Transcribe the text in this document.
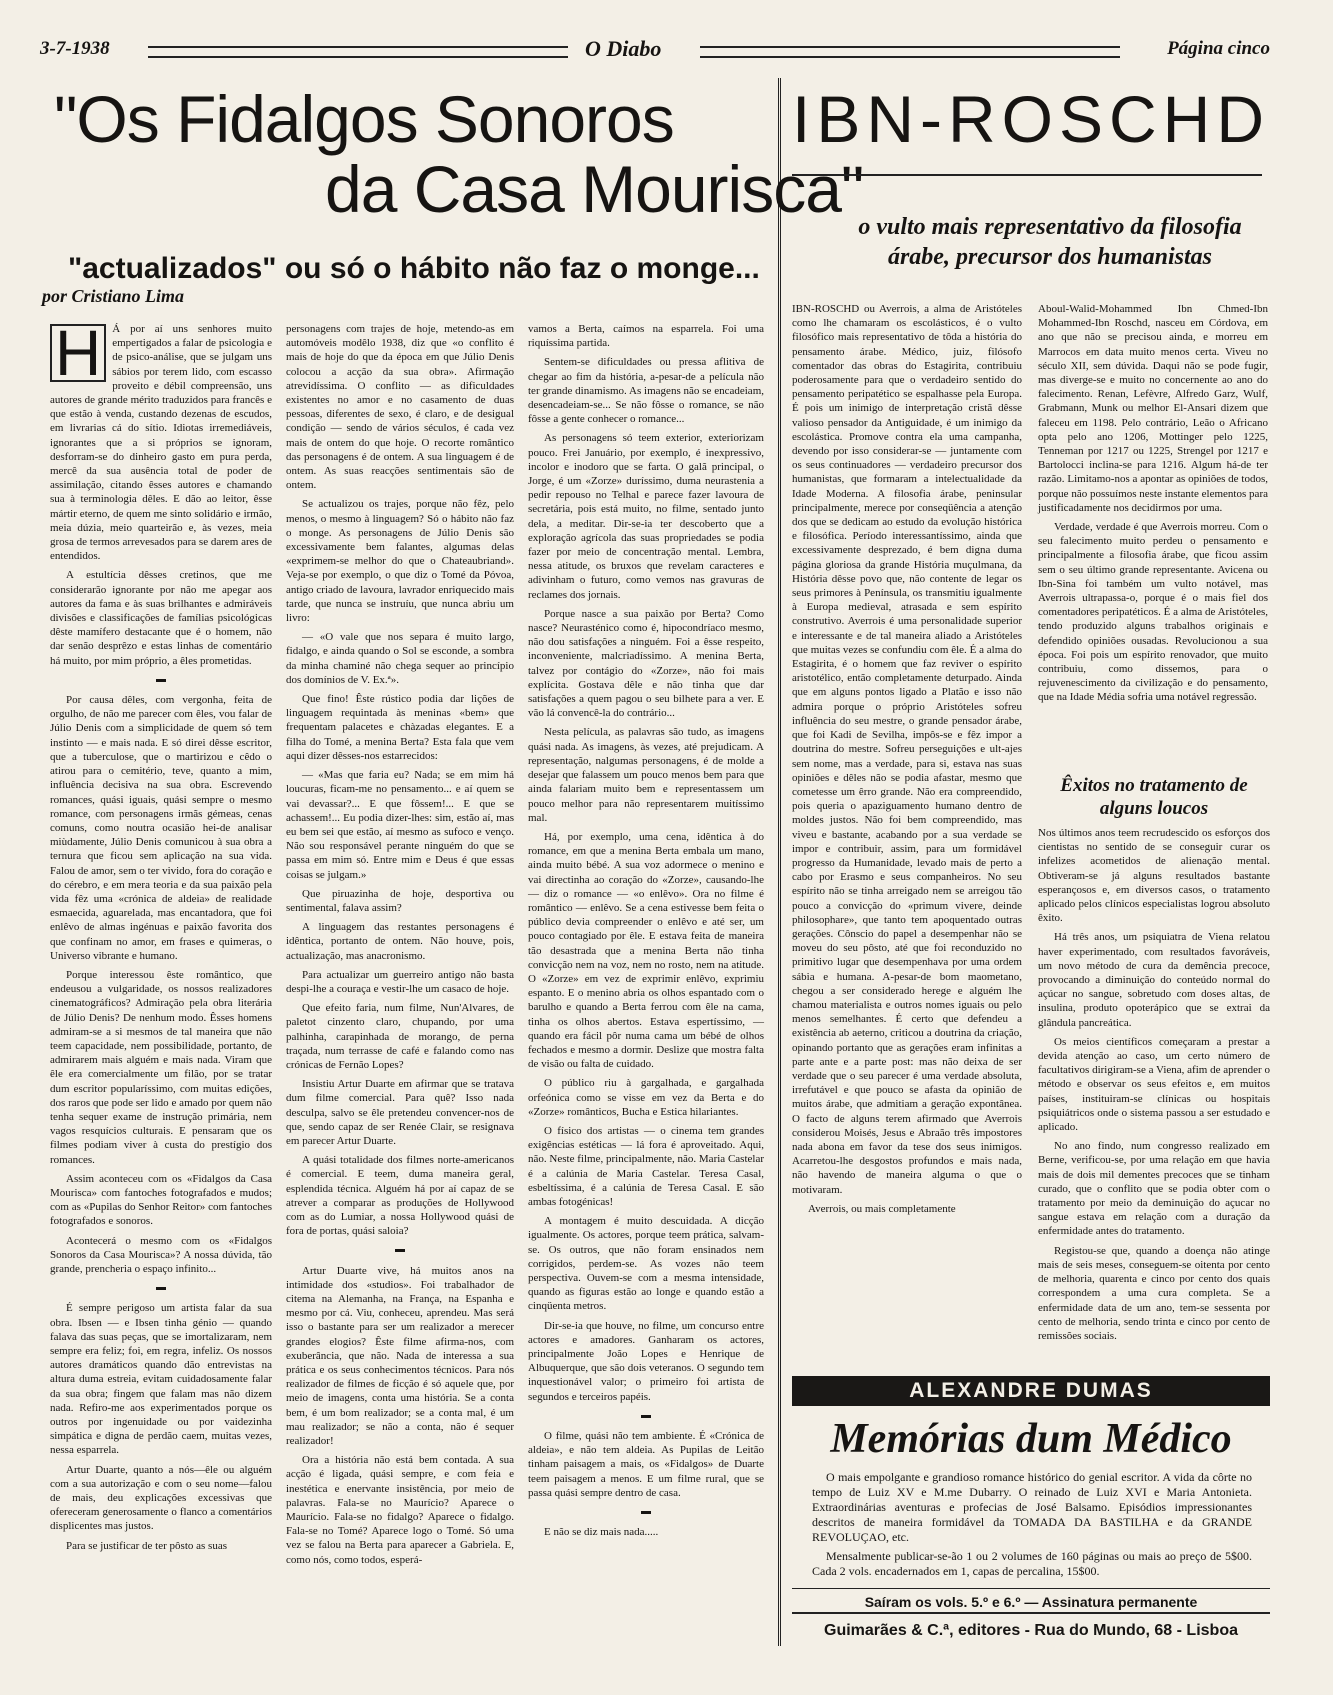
3-7-1938	O Diabo	Página cinco
"Os Fidalgos Sonoros
da Casa Mourisca"
"actualizados" ou só o hábito não faz o monge...
por Cristiano Lima
H	Á por aí uns senhores muito empertigados a falar de psicologia e de psico-análise, que se julgam uns sábios por terem lido, com escasso proveito e débil compreensão, uns autores de grande mérito traduzidos para francês e que estão à venda, custando dezenas de escudos, em livrarias cá do sítio. Idiotas irremediáveis, ignorantes que a si próprios se ignoram, desforram-se do dinheiro gasto em pura perda, mercê da sua ausência total de poder de assimilação, citando êsses autores e chamando sua à terminologia dêles. E dão ao leitor, êsse mártir eterno, de quem me sinto solidário e irmão, meia dúzia, meio quarteirão e, às vezes, meia grosa de termos arrevesados para se darem ares de entendidos.

A estultícia dêsses cretinos, que me considerarão ignorante por não me apegar aos autores da fama e às suas brilhantes e admiráveis divisões e classificações de famílias psicológicas dêste mamífero destacante que é o homem, não dar senão desprêzo e estas linhas de comentário há muito, por mim próprio, a êles prometidas.

▬

Por causa dêles, com vergonha, feita de orgulho, de não me parecer com êles, vou falar de Júlio Denis com a simplicidade de quem só tem instinto — e mais nada. E só direi dêsse escritor, que a tuberculose, que o martirizou e cêdo o atirou para o cemitério, teve, quanto a mim, influência decisiva na sua obra. Escrevendo romances, quási iguais, quási sempre o mesmo romance, com personagens irmãs gémeas, cenas comuns, como noutra ocasião hei-de analisar miùdamente, Júlio Denis comunicou à sua obra a ternura que ficou sem aplicação na sua vida. Falou de amor, sem o ter vivido, fora do coração e do cérebro, e em mera teoria e da sua paixão pela vida fêz uma «crónica de aldeia» de realidade esmaecida, aguarelada, mas encantadora, que foi enlêvo de almas ingénuas e paixão favorita dos que confinam no amor, em frases e quimeras, o Universo vibrante e humano.

Porque interessou êste romântico, que endeusou a vulgaridade, os nossos realizadores cinematográficos? Admiração pela obra literária de Júlio Denis? De nenhum modo. Êsses homens admiram-se a si mesmos de tal maneira que não teem capacidade, nem possibilidade, portanto, de admirarem mais alguém e mais nada. Viram que êle era comercialmente um filão, por se tratar dum escritor popularíssimo, com muitas edições, dos raros que pode ser lido e amado por quem não tenha sequer exame de instrução primária, nem vagos resquícios culturais. E pensaram que os filmes podiam viver à custa do prestígio dos romances.

Assim aconteceu com os «Fidalgos da Casa Mourisca» com fantoches fotografados e mudos; com as «Pupilas do Senhor Reitor» com fantoches fotografados e sonoros.

Acontecerá o mesmo com os «Fidalgos Sonoros da Casa Mourisca»? A nossa dúvida, tão grande, prencheria o espaço infinito...

▬

É sempre perigoso um artista falar da sua obra. Ibsen — e Ibsen tinha génio — quando falava das suas peças, que se imortalizaram, nem sempre era feliz; foi, em regra, infeliz. Os nossos autores dramáticos quando dão entrevistas na altura duma estreia, evitam cuidadosamente falar da sua obra; fingem que falam mas não dizem nada. Refiro-me aos experimentados porque os outros por ingenuidade ou por vaidezinha simpática e digna de perdão caem, muitas vezes, nessa esparrela.

Artur Duarte, quanto a nós—êle ou alguém com a sua autorização e com o seu nome—falou de mais, deu explicações excessivas que ofereceram generosamente o flanco a comentários displicentes mas justos.

Para se justificar de ter pôsto as suas

personagens com trajes de hoje, metendo-as em automóveis modêlo 1938, diz que «o conflito é mais de hoje do que da época em que Júlio Denis colocou a acção da sua obra». Afirmação atrevidíssima. O conflito — as dificuldades existentes no amor e no casamento de duas pessoas, diferentes de sexo, é claro, e de desigual condição — sendo de vários séculos, é cada vez mais de ontem do que hoje. O recorte romântico das personagens é de ontem. A sua linguagem é de ontem. As suas reacções sentimentais são de ontem.

Se actualizou os trajes, porque não fêz, pelo menos, o mesmo à linguagem? Só o hábito não faz o monge. As personagens de Júlio Denis são excessivamente bem falantes, algumas delas «exprimem-se melhor do que o Chateaubriand». Veja-se por exemplo, o que diz o Tomé da Póvoa, antigo criado de lavoura, lavrador enriquecido mais tarde, que nunca se instruíu, que nunca abriu um livro:

— «O vale que nos separa é muito largo, fidalgo, e ainda quando o Sol se esconde, a sombra da minha chaminé não chega sequer ao princípio dos domínios de V. Ex.ª».

Que fino! Êste rústico podia dar lições de linguagem requintada às meninas «bem» que frequentam palacetes e chàzadas elegantes. E a filha do Tomé, a menina Berta? Esta fala que vem aqui dizer dêsses-nos estarrecidos:

— «Mas que faria eu? Nada; se em mim há loucuras, ficam-me no pensamento... e aí quem se vai devassar?... E que fôssem!... E que se achassem!... Eu podia dizer-lhes: sim, estão aí, mas eu bem sei que estão, aí mesmo as sufoco e venço. Não sou responsável perante ninguém do que se passa em mim só. Entre mim e Deus é que essas coisas se julgam.»

Que piruazinha de hoje, desportiva ou sentimental, falava assim?

A linguagem das restantes personagens é idêntica, portanto de ontem. Não houve, pois, actualização, mas anacronismo.

Para actualizar um guerreiro antigo não basta despi-lhe a couraça e vestir-lhe um casaco de hoje.

Que efeito faria, num filme, Nun'Alvares, de paletot cinzento claro, chupando, por uma palhinha, carapinhada de morango, de perna traçada, num terrasse de café e falando como nas crónicas de Fernão Lopes?

Insistiu Artur Duarte em afirmar que se tratava dum filme comercial. Para quê? Isso nada desculpa, salvo se êle pretendeu convencer-nos de que, sendo capaz de ser Renée Clair, se resignava em parecer Artur Duarte.

A quási totalidade dos filmes norte-americanos é comercial. E teem, duma maneira geral, esplendida técnica. Alguém há por aí capaz de se atrever a comparar as produções de Hollywood com as do Lumiar, a nossa Hollywood quási de fora de portas, quási saloia?

▬

Artur Duarte vive, há muitos anos na intimidade dos «studios». Foi trabalhador de citema na Alemanha, na França, na Espanha e mesmo por cá. Viu, conheceu, aprendeu. Mas será isso o bastante para ser um realizador a merecer grandes elogios? Êste filme afirma-nos, com exuberância, que não. Nada de interessa a sua prática e os seus conhecimentos técnicos. Para nós realizador de filmes de ficção é só aquele que, por meio de imagens, conta uma história. Se a conta bem, é um bom realizador; se a conta mal, é um mau realizador; se não a conta, não é sequer realizador!

Ora a história não está bem contada. A sua acção é ligada, quási sempre, e com feia e inestética e enervante insistência, por meio de palavras. Fala-se no Maurício? Aparece o Maurício. Fala-se no fidalgo? Aparece o fidalgo. Fala-se no Tomé? Aparece logo o Tomé. Só uma vez se falou na Berta para aparecer a Gabriela. E, como nós, como todos, esperá-

vamos a Berta, caímos na esparrela. Foi uma riquíssima partida.

Sentem-se dificuldades ou pressa aflitiva de chegar ao fim da história, a-pesar-de a película não ter grande dinamismo. As imagens não se encadeiam, desencadeiam-se... Se não fôsse o romance, se não fôsse a gente conhecer o romance...

As personagens só teem exterior, exteriorizam pouco. Frei Januário, por exemplo, é inexpressivo, incolor e inodoro que se farta. O galã principal, o Jorge, é um «Zorze» duríssimo, duma neurastenia a pedir repouso no Telhal e parece fazer lavoura de secretária, pois está muito, no filme, sentado junto dela, a meditar. Dir-se-ia ter descoberto que a exploração agrícola das suas propriedades se podia fazer por meio de concentração mental. Lembra, nessa atitude, os bruxos que revelam caracteres e adivinham o futuro, como vemos nas gravuras de reclames dos jornais.

Porque nasce a sua paixão por Berta? Como nasce? Neurasténico como é, hipocondríaco mesmo, não dou satisfações a ninguém. Foi a êsse respeito, inconveniente, malcriadíssimo. A menina Berta, talvez por contágio do «Zorze», não foi mais explícita. Gostava dêle e não tinha que dar satisfações a quem pagou o seu bilhete para a ver. E vão lá convencê-la do contrário...

Nesta película, as palavras são tudo, as imagens quási nada. As imagens, às vezes, até prejudicam. A representação, nalgumas personagens, é de molde a desejar que falassem um pouco menos bem para que ainda falariam muito bem e representassem um pouco melhor para não representarem muitíssimo mal.

Há, por exemplo, uma cena, idêntica à do romance, em que a menina Berta embala um mano, ainda muito bébé. A sua voz adormece o menino e vai directinha ao coração do «Zorze», causando-lhe — diz o romance — «o enlêvo». Ora no filme é romântico — enlêvo. Se a cena estivesse bem feita o público devia compreender o enlêvo e até ser, um pouco contagiado por êle. E estava feita de maneira tão desastrada que a menina Berta não tinha convicção nem na voz, nem no rosto, nem na atitude. O «Zorze» em vez de exprimir enlêvo, exprimiu espanto. E o menino abria os olhos espantado com o barulho e quando a Berta ferrou com êle na cama, tinha os olhos abertos. Estava espertíssimo, — quando era fácil pôr numa cama um bébé de olhos fechados e mesmo a dormir. Deslize que mostra falta de visão ou falta de cuidado.

O público riu à gargalhada, e gargalhada orfeónica como se visse em vez da Berta e do «Zorze» românticos, Bucha e Estica hilariantes.

O físico dos artistas — o cinema tem grandes exigências estéticas — lá fora é aproveitado. Aqui, não. Neste filme, principalmente, não. Maria Castelar é a calúnia de Maria Castelar. Teresa Casal, esbeltíssima, é a calúnia de Teresa Casal. E são ambas fotogénicas!

A montagem é muito descuidada. A dicção igualmente. Os actores, porque teem prática, salvam-se. Os outros, que não foram ensinados nem corrigidos, perdem-se. As vozes não teem perspectiva. Ouvem-se com a mesma intensidade, quando as figuras estão ao longe e quando estão a cinqüenta metros.

Dir-se-ia que houve, no filme, um concurso entre actores e amadores. Ganharam os actores, principalmente João Lopes e Henrique de Albuquerque, que são dois veteranos. O segundo tem inquestionável valor; o primeiro foi artista de segundos e terceiros papéis.

▬

O filme, quási não tem ambiente. É «Crónica de aldeia», e não tem aldeia. As Pupilas de Leitão tinham paisagem a mais, os «Fidalgos» de Duarte teem paisagem a menos. E um filme rural, que se passa quási sempre dentro de casa.

▬

E não se diz mais nada.....

IBN-ROSCHD
o vulto mais representativo da filosofia árabe, precursor dos humanistas

IBN-ROSCHD ou Averrois, a alma de Aristóteles como lhe chamaram os escolásticos, é o vulto filosófico mais representativo de tôda a história do pensamento árabe. Médico, juiz, filósofo comentador das obras do Estagirita, contribuiu poderosamente para que o verdadeiro sentido do pensamento peripatético se espalhasse pela Europa. É pois um inimigo de interpretação cristã dêsse valioso pensador da Antiguidade, é um inimigo da escolástica. Promove contra ela uma campanha, devendo por isso considerar-se — juntamente com os seus continuadores — verdadeiro precursor dos humanistas, que formaram a intelectualidade da Idade Moderna. A filosofia árabe, peninsular principalmente, merece por conseqüência a atenção dos que se dedicam ao estudo da evolução histórica e filosófica. Período interessantíssimo, ainda que excessivamente desprezado, é bem digna duma página gloriosa da grande História muçulmana, da História dêsse povo que, não contente de legar os seus primores à Península, os transmitiu igualmente à Europa medieval, atrasada e sem espírito construtivo. Averrois é uma personalidade superior e interessante e de tal maneira aliado a Aristóteles que muitas vezes se confundiu com êle. É a alma do Estagirita, é o homem que faz reviver o espírito aristotélico, então completamente deturpado. Ainda que em alguns pontos ligado a Platão e isso não admira porque o próprio Aristóteles sofreu influência do seu mestre, o grande pensador árabe, que foi Kadi de Sevilha, impôs-se e fêz impor a doutrina do mestre. Sofreu perseguições e ult-ajes sem nome, mas a verdade, para si, estava nas suas opiniões e dêles não se podia afastar, mesmo que cometesse um êrro grande. Não era compreendido, pois queria o apaziguamento humano dentro de moldes justos. Não foi bem compreendido, mas viveu e bastante, acabando por a sua verdade se impor e contribuir, assim, para um formidável progresso da Humanidade, levado mais de perto a cabo por Erasmo e seus companheiros. No seu espírito não se tinha arreigado nem se arreigou tão pouco a convicção do «primum vivere, deinde philosophare», que tanto tem apoquentado outras gerações. Cônscio do papel a desempenhar não se moveu do seu pôsto, até que foi reconduzido no primitivo lugar que desempenhava por uma ordem sábia e humana. A-pesar-de bom maometano, chegou a ser considerado herege e alguém lhe chamou materialista e outros nomes iguais ou pelo menos semelhantes. É certo que defendeu a existência ab aeterno, criticou a doutrina da criação, opinando portanto que as gerações eram infinitas a parte ante e a parte post: mas não deixa de ser verdade que o seu parecer é uma verdade absoluta, irrefutável e que pouco se afasta da opinião de muitos árabe, que admitiam a geração expontânea. O facto de alguns terem afirmado que Averrois considerou Moisés, Jesus e Abraão três impostores nada abona em favor da tese dos seus inimigos. Acarretou-lhe desgostos profundos e mais nada, não havendo de maneira alguma o que o motivaram.

Averrois, ou mais completamente

Aboul-Walid-Mohammed Ibn Chmed-Ibn Mohammed-Ibn Roschd, nasceu em Córdova, em ano que não se precisou ainda, e morreu em Marrocos em data muito menos certa. Viveu no século XII, sem dúvida. Daqui não se pode fugir, mas diverge-se e muito no concernente ao ano do falecimento. Renan, Lefèvre, Alfredo Garz, Wulf, Grabmann, Munk ou melhor El-Ansari dizem que faleceu em 1198. Pelo contrário, Leão o Africano opta pelo ano 1206, Mottinger pelo 1225, Tenneman por 1217 ou 1225, Strengel por 1217 e Bartolocci inclina-se para 1216. Algum há-de ter razão. Limitamo-nos a apontar as opiniões de todos, porque não possuímos neste instante elementos para justificadamente nos decidirmos por uma.

Verdade, verdade é que Averrois morreu. Com o seu falecimento muito perdeu o pensamento e principalmente a filosofia árabe, que ficou assim sem o seu último grande representante. Avicena ou Ibn-Sina foi também um vulto notável, mas Averrois ultrapassa-o, porque é o mais fiel dos comentadores peripatéticos. É a alma de Aristóteles, tendo produzido alguns trabalhos originais e defendido opiniões ousadas. Revolucionou a sua época. Foi pois um espírito renovador, que muito contribuiu, como dissemos, para o rejuvenescimento da civilização e do pensamento, que na Idade Média sofria uma notável regressão.

Êxitos no tratamento de alguns loucos

Nos últimos anos teem recrudescido os esforços dos cientistas no sentido de se conseguir curar os infelizes acometidos de alienação mental. Obtiveram-se já alguns resultados bastante esperançosos e, em diversos casos, o tratamento aplicado pelos clínicos especialistas logrou absoluto êxito.

Há três anos, um psiquiatra de Viena relatou haver experimentado, com resultados favoráveis, um novo método de cura da demência precoce, provocando a diminuição do conteúdo normal do açúcar no sangue, sobretudo com doses altas, de insulina, produto opoterápico que se extrai da glândula pancreática.

Os meios científicos começaram a prestar a devida atenção ao caso, um certo número de facultativos dirigiram-se a Viena, afim de aprender o método e observar os seus efeitos e, em muitos países, instituiram-se clínicas ou hospitais psiquiátricos onde o sistema passou a ser estudado e aplicado.

No ano findo, num congresso realizado em Berne, verificou-se, por uma relação em que havia mais de dois mil dementes precoces que se tinham curado, que o conflito que se podia obter com o tratamento por meio da deminuição do açucar no sangue estava em relação com a duração da enfermidade antes do tratamento.

Registou-se que, quando a doença não atinge mais de seis meses, conseguem-se oitenta por cento de melhoria, quarenta e cinco por cento dos quais correspondem a uma cura completa. Se a enfermidade data de um ano, tem-se sessenta por cento de melhoria, sendo trinta e cinco por cento de remissões sociais.

ALEXANDRE DUMAS
Memórias dum Médico

O mais empolgante e grandioso romance histórico do genial escritor. A vida da côrte no tempo de Luiz XV e M.me Dubarry. O reinado de Luiz XVI e Maria Antonieta. Extraordinárias aventuras e profecias de José Balsamo. Episódios impressionantes descritos de maneira formidável da TOMADA DA BASTILHA e da GRANDE REVOLUÇAO, etc.

Mensalmente publicar-se-ão 1 ou 2 volumes de 160 páginas ou mais ao preço de 5$00. Cada 2 vols. encadernados em 1, capas de percalina, 15$00.

Saíram os vols. 5.º e 6.º — Assinatura permanente
Guimarães & C.ª, editores - Rua do Mundo, 68 - Lisboa
